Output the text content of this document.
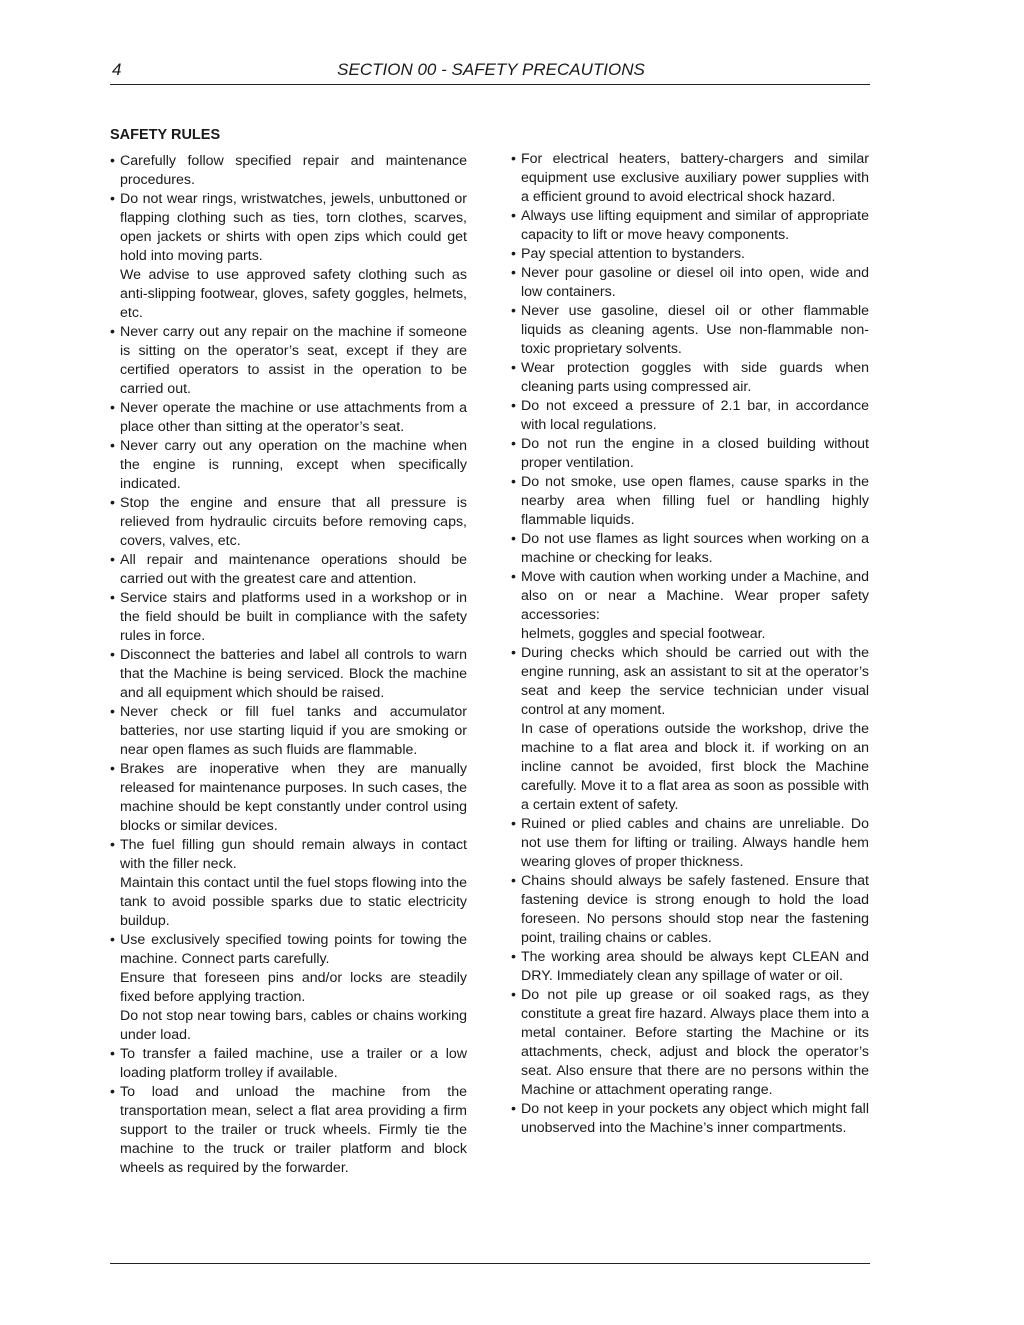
4	SECTION 00 - SAFETY PRECAUTIONS
SAFETY RULES
• Carefully follow specified repair and maintenance procedures.

• Do not wear rings, wristwatches, jewels, unbuttoned or flapping clothing such as ties, torn clothes, scarves, open jackets or shirts with open zips which could get hold into moving parts.

We advise to use approved safety clothing such as anti-slipping footwear, gloves, safety goggles, helmets, etc.

• Never carry out any repair on the machine if someone is sitting on the operator’s seat, except if they are certified operators to assist in the operation to be carried out.

• Never operate the machine or use attachments from a place other than sitting at the operator’s seat.

• Never carry out any operation on the machine when the engine is running, except when specifically indicated.

• Stop the engine and ensure that all pressure is relieved from hydraulic circuits before removing caps, covers, valves, etc.

• All repair and maintenance operations should be carried out with the greatest care and attention.

• Service stairs and platforms used in a workshop or in the field should be built in compliance with the safety rules in force.

• Disconnect the batteries and label all controls to warn that the Machine is being serviced. Block the machine and all equipment which should be raised.

• Never check or fill fuel tanks and accumulator batteries, nor use starting liquid if you are smoking or near open flames as such fluids are flammable.

• Brakes are inoperative when they are manually released for maintenance purposes. In such cases, the machine should be kept constantly under control using blocks or similar devices.

• The fuel filling gun should remain always in contact with the filler neck.

Maintain this contact until the fuel stops flowing into the tank to avoid possible sparks due to static electricity buildup.

• Use exclusively specified towing points for towing the machine. Connect parts carefully.

Ensure that foreseen pins and/or locks are steadily fixed before applying traction.

Do not stop near towing bars, cables or chains working under load.

• To transfer a failed machine, use a trailer or a low loading platform trolley if available.

• To load and unload the machine from the transportation mean, select a flat area providing a firm support to the trailer or truck wheels. Firmly tie the machine to the truck or trailer platform and block wheels as required by the forwarder.

• For electrical heaters, battery-chargers and similar equipment use exclusive auxiliary power supplies with a efficient ground to avoid electrical shock hazard.

• Always use lifting equipment and similar of appropriate capacity to lift or move heavy components.

• Pay special attention to bystanders.

• Never pour gasoline or diesel oil into open, wide and low containers.

• Never use gasoline, diesel oil or other flammable liquids as cleaning agents. Use non-flammable non-toxic proprietary solvents.

• Wear protection goggles with side guards when cleaning parts using compressed air.

• Do not exceed a pressure of 2.1 bar, in accordance with local regulations.

• Do not run the engine in a closed building without proper ventilation.

• Do not smoke, use open flames, cause sparks in the nearby area when filling fuel or handling highly flammable liquids.

• Do not use flames as light sources when working on a machine or checking for leaks.

• Move with caution when working under a Machine, and also on or near a Machine. Wear proper safety accessories:

helmets, goggles and special footwear.

• During checks which should be carried out with the engine running, ask an assistant to sit at the operator’s seat and keep the service technician under visual control at any moment.

In case of operations outside the workshop, drive the machine to a flat area and block it. if working on an incline cannot be avoided, first block the Machine carefully. Move it to a flat area as soon as possible with a certain extent of safety.

• Ruined or plied cables and chains are unreliable. Do not use them for lifting or trailing. Always handle hem wearing gloves of proper thickness.

• Chains should always be safely fastened. Ensure that fastening device is strong enough to hold the load foreseen. No persons should stop near the fastening point, trailing chains or cables.

• The working area should be always kept CLEAN and DRY. Immediately clean any spillage of water or oil.

• Do not pile up grease or oil soaked rags, as they constitute a great fire hazard. Always place them into a metal container. Before starting the Machine or its attachments, check, adjust and block the operator’s seat. Also ensure that there are no persons within the Machine or attachment operating range.

• Do not keep in your pockets any object which might fall unobserved into the Machine’s inner compartments.
